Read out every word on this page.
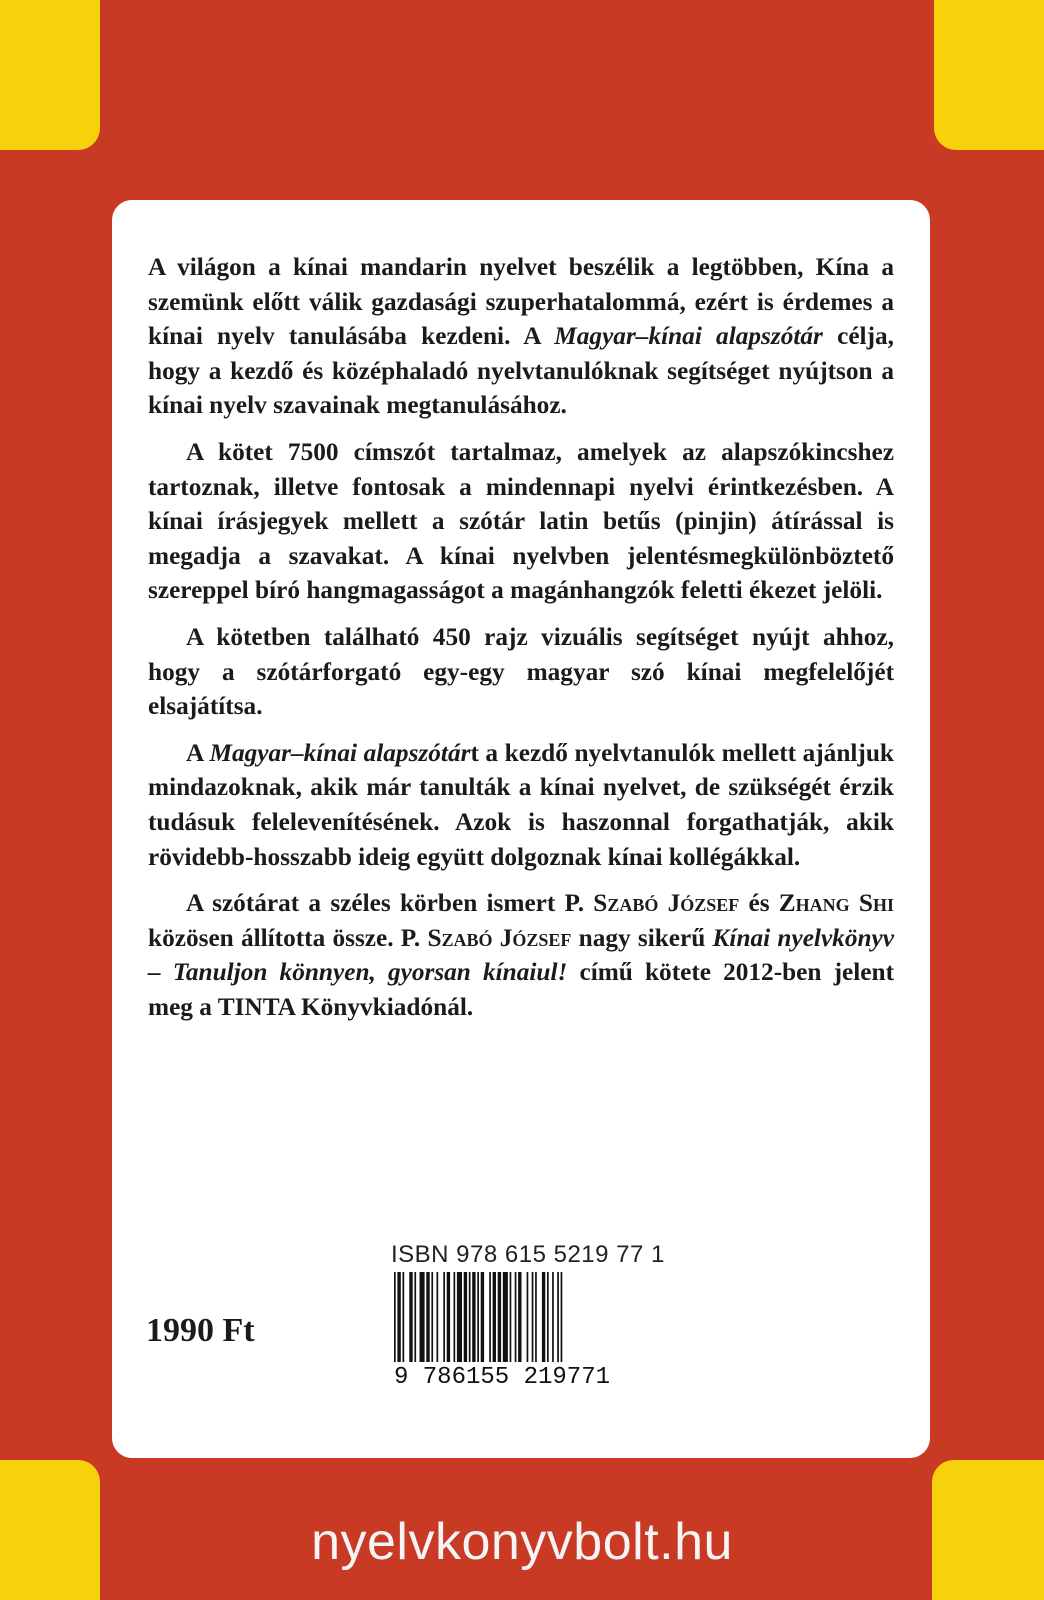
A világon a kínai mandarin nyelvet beszélik a legtöbben, Kína a szemünk előtt válik gazdasági szuperhatalommá, ezért is érdemes a kínai nyelv tanulásába kezdeni. A Magyar–kínai alapszótár célja, hogy a kezdő és középhaladó nyelvtanulóknak segítséget nyújtson a kínai nyelv szavainak megtanulásához.

A kötet 7500 címszót tartalmaz, amelyek az alapszókincshez tartoznak, illetve fontosak a mindennapi nyelvi érintkezésben. A kínai írásjegyek mellett a szótár latin betűs (pinjin) átírással is megadja a szavakat. A kínai nyelvben jelentésmegkülönböztető szereppel bíró hangmagasságot a magánhangzók feletti ékezet jelöli.

A kötetben található 450 rajz vizuális segítséget nyújt ahhoz, hogy a szótárforgató egy-egy magyar szó kínai megfelelőjét elsajátítsa.

A Magyar–kínai alapszótárt a kezdő nyelvtanulók mellett ajánljuk mindazoknak, akik már tanulták a kínai nyelvet, de szükségét érzik tudásuk felelevenítésének. Azok is haszonnal forgathatják, akik rövidebb-hosszabb ideig együtt dolgoznak kínai kollégákkal.

A szótárat a széles körben ismert P. Szabó József és Zhang Shi közösen állította össze. P. Szabó József nagy sikerű Kínai nyelvkönyv – Tanuljon könnyen, gyorsan kínaiul! című kötete 2012-ben jelent meg a TINTA Könyvkiadónál.

ISBN 978 615 5219 77 1
9 786155 219771
1990 Ft
nyelvkonyvbolt.hu
